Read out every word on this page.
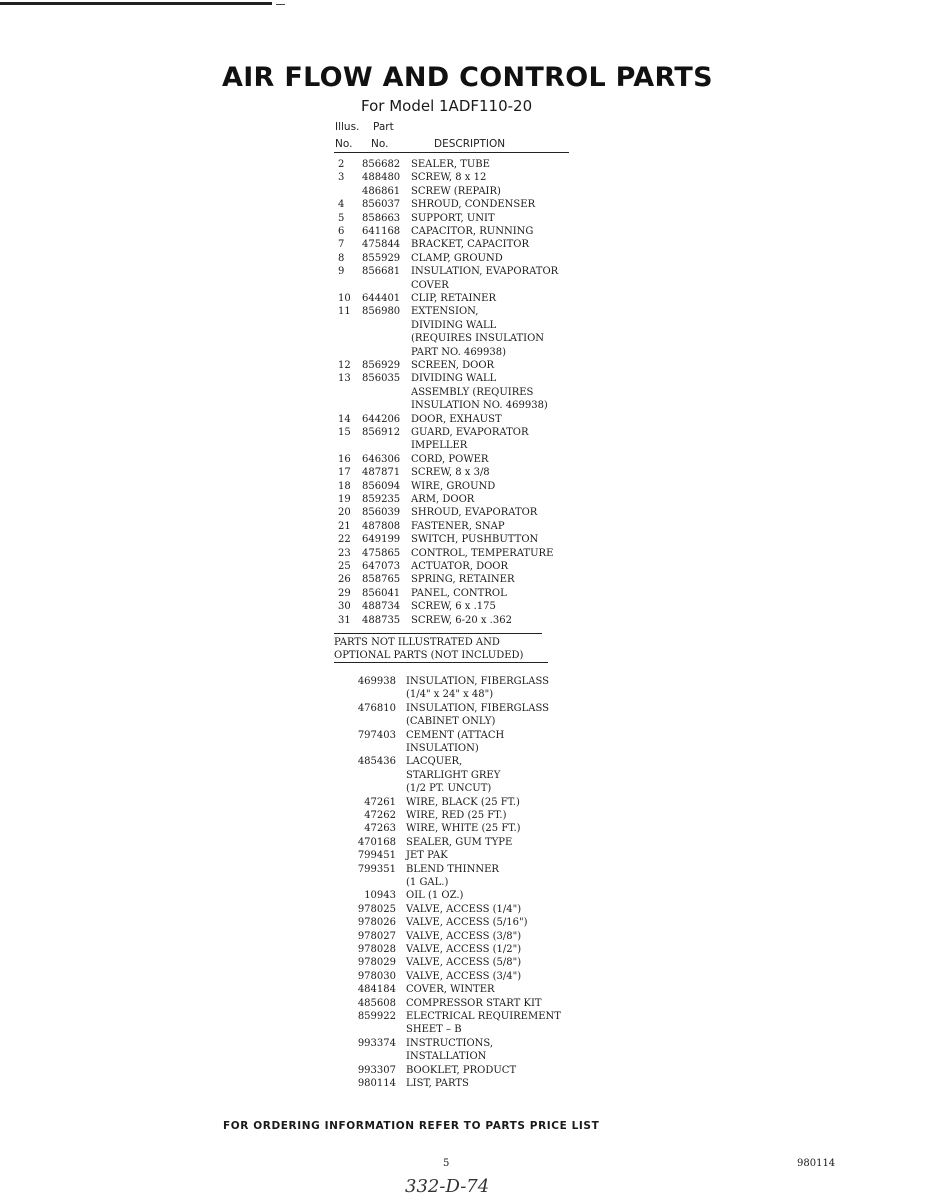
AIR FLOW AND CONTROL PARTS
For Model 1ADF110-20
Illus. Part
No. No.	DESCRIPTION
2	856682 SEALER, TUBE
3	488480 SCREW, 8 x 12
486861 SCREW (REPAIR)
4	856037 SHROUD, CONDENSER
5	858663 SUPPORT, UNIT
6	641168 CAPACITOR, RUNNING
7	475844 BRACKET, CAPACITOR
8	855929 CLAMP, GROUND
9	856681 INSULATION, EVAPORATOR
COVER
10 644401 CLIP, RETAINER
11 856980 EXTENSION,
DIVIDING WALL
(REQUIRES INSULATION
PART NO. 469938)
12 856929 SCREEN, DOOR
13 856035 DIVIDING WALL
ASSEMBLY (REQUIRES
INSULATION NO. 469938)
14 644206 DOOR, EXHAUST
15 856912 GUARD, EVAPORATOR
IMPELLER
16 646306 CORD, POWER
17 487871 SCREW, 8 x 3/8
18 856094 WIRE, GROUND
19 859235 ARM, DOOR
20 856039 SHROUD, EVAPORATOR
21 487808 FASTENER, SNAP
22 649199 SWITCH, PUSHBUTTON
23 475865 CONTROL, TEMPERATURE
25 647073 ACTUATOR, DOOR
26 858765 SPRING, RETAINER
29 856041 PANEL, CONTROL
30 488734 SCREW, 6 x .175
31 488735 SCREW, 6-20 x .362
PARTS NOT ILLUSTRATED AND
OPTIONAL PARTS (NOT INCLUDED)
469938 INSULATION, FIBERGLASS
(1/4" x 24" x 48")
476810 INSULATION, FIBERGLASS
(CABINET ONLY)
797403 CEMENT (ATTACH
INSULATION)
485436 LACQUER,
STARLIGHT GREY
(1/2 PT. UNCUT)
47261 WIRE, BLACK (25 FT.)
47262 WIRE, RED (25 FT.)
47263 WIRE, WHITE (25 FT.)
470168 SEALER, GUM TYPE
799451 JET PAK
799351 BLEND THINNER
(1 GAL.)
10943 OIL (1 OZ.)
978025 VALVE, ACCESS (1/4")
978026 VALVE, ACCESS (5/16")
978027 VALVE, ACCESS (3/8")
978028 VALVE, ACCESS (1/2")
978029 VALVE, ACCESS (5/8")
978030 VALVE, ACCESS (3/4")
484184 COVER, WINTER
485608 COMPRESSOR START KIT
859922 ELECTRICAL REQUIREMENT
SHEET – B
993374 INSTRUCTIONS,
INSTALLATION
993307 BOOKLET, PRODUCT
980114 LIST, PARTS
FOR ORDERING INFORMATION REFER TO PARTS PRICE LIST
5	980114
332-D-74
